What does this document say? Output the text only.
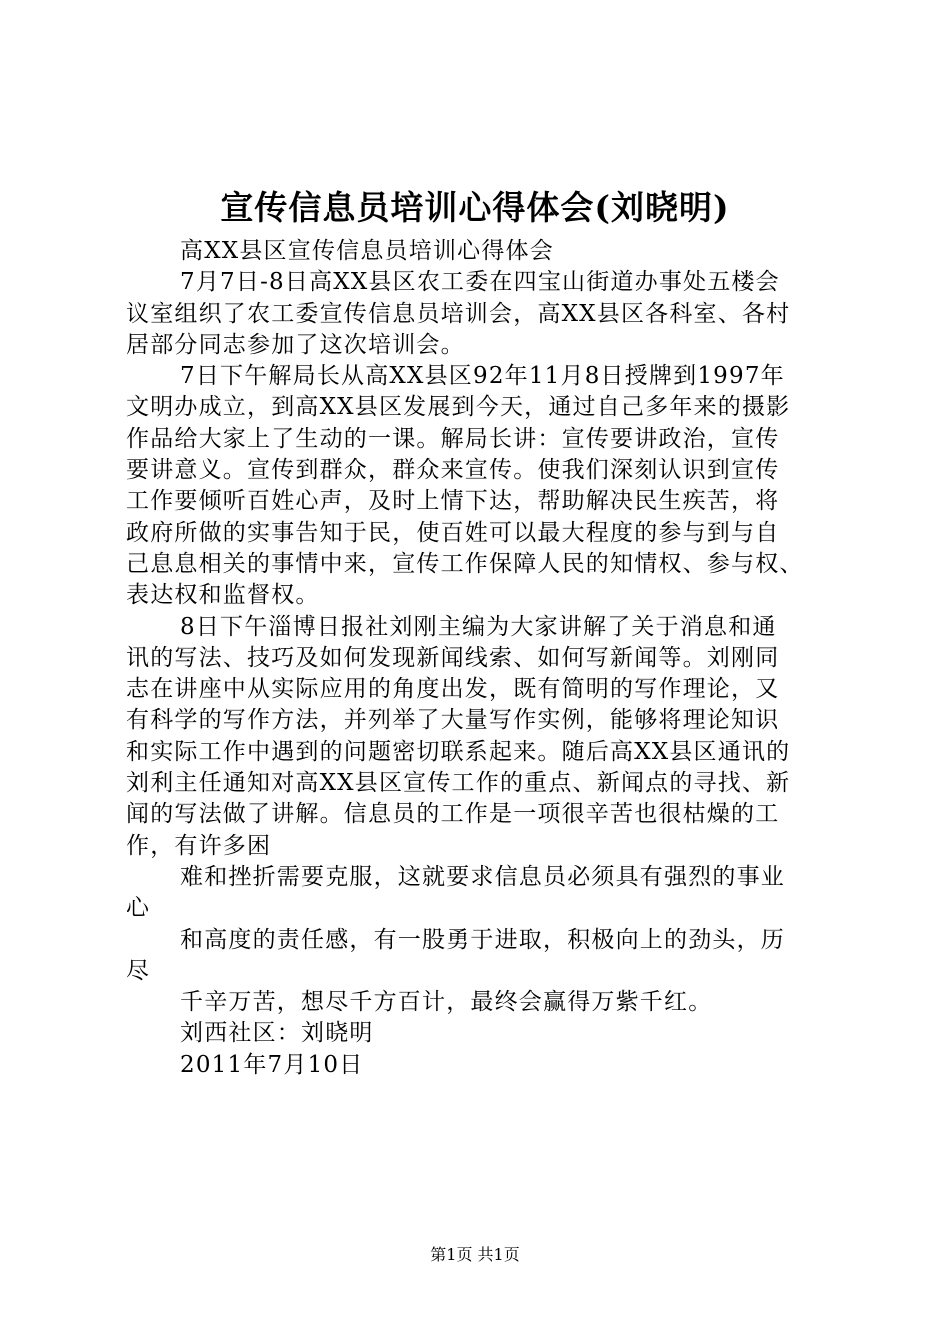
宣传信息员培训心得体会(刘晓明)

高XX县区宣传信息员培训心得体会

7月7日-8日高XX县区农工委在四宝山街道办事处五楼会

议室组织了农工委宣传信息员培训会，高XX县区各科室、各村

居部分同志参加了这次培训会。

7日下午解局长从高XX县区92年11月8日授牌到1997年

文明办成立，到高XX县区发展到今天，通过自己多年来的摄影

作品给大家上了生动的一课。解局长讲：宣传要讲政治，宣传

要讲意义。宣传到群众，群众来宣传。使我们深刻认识到宣传

工作要倾听百姓心声，及时上情下达，帮助解决民生疾苦，将

政府所做的实事告知于民，使百姓可以最大程度的参与到与自

己息息相关的事情中来，宣传工作保障人民的知情权、参与权、

表达权和监督权。

8日下午淄博日报社刘刚主编为大家讲解了关于消息和通

讯的写法、技巧及如何发现新闻线索、如何写新闻等。刘刚同

志在讲座中从实际应用的角度出发，既有简明的写作理论，又

有科学的写作方法，并列举了大量写作实例，能够将理论知识

和实际工作中遇到的问题密切联系起来。随后高XX县区通讯的

刘利主任通知对高XX县区宣传工作的重点、新闻点的寻找、新

闻的写法做了讲解。信息员的工作是一项很辛苦也很枯燥的工

作，有许多困

难和挫折需要克服，这就要求信息员必须具有强烈的事业

心

和高度的责任感，有一股勇于进取，积极向上的劲头，历

尽

千辛万苦，想尽千方百计，最终会赢得万紫千红。

刘西社区：刘晓明

2011年7月10日

第1页 共1页
